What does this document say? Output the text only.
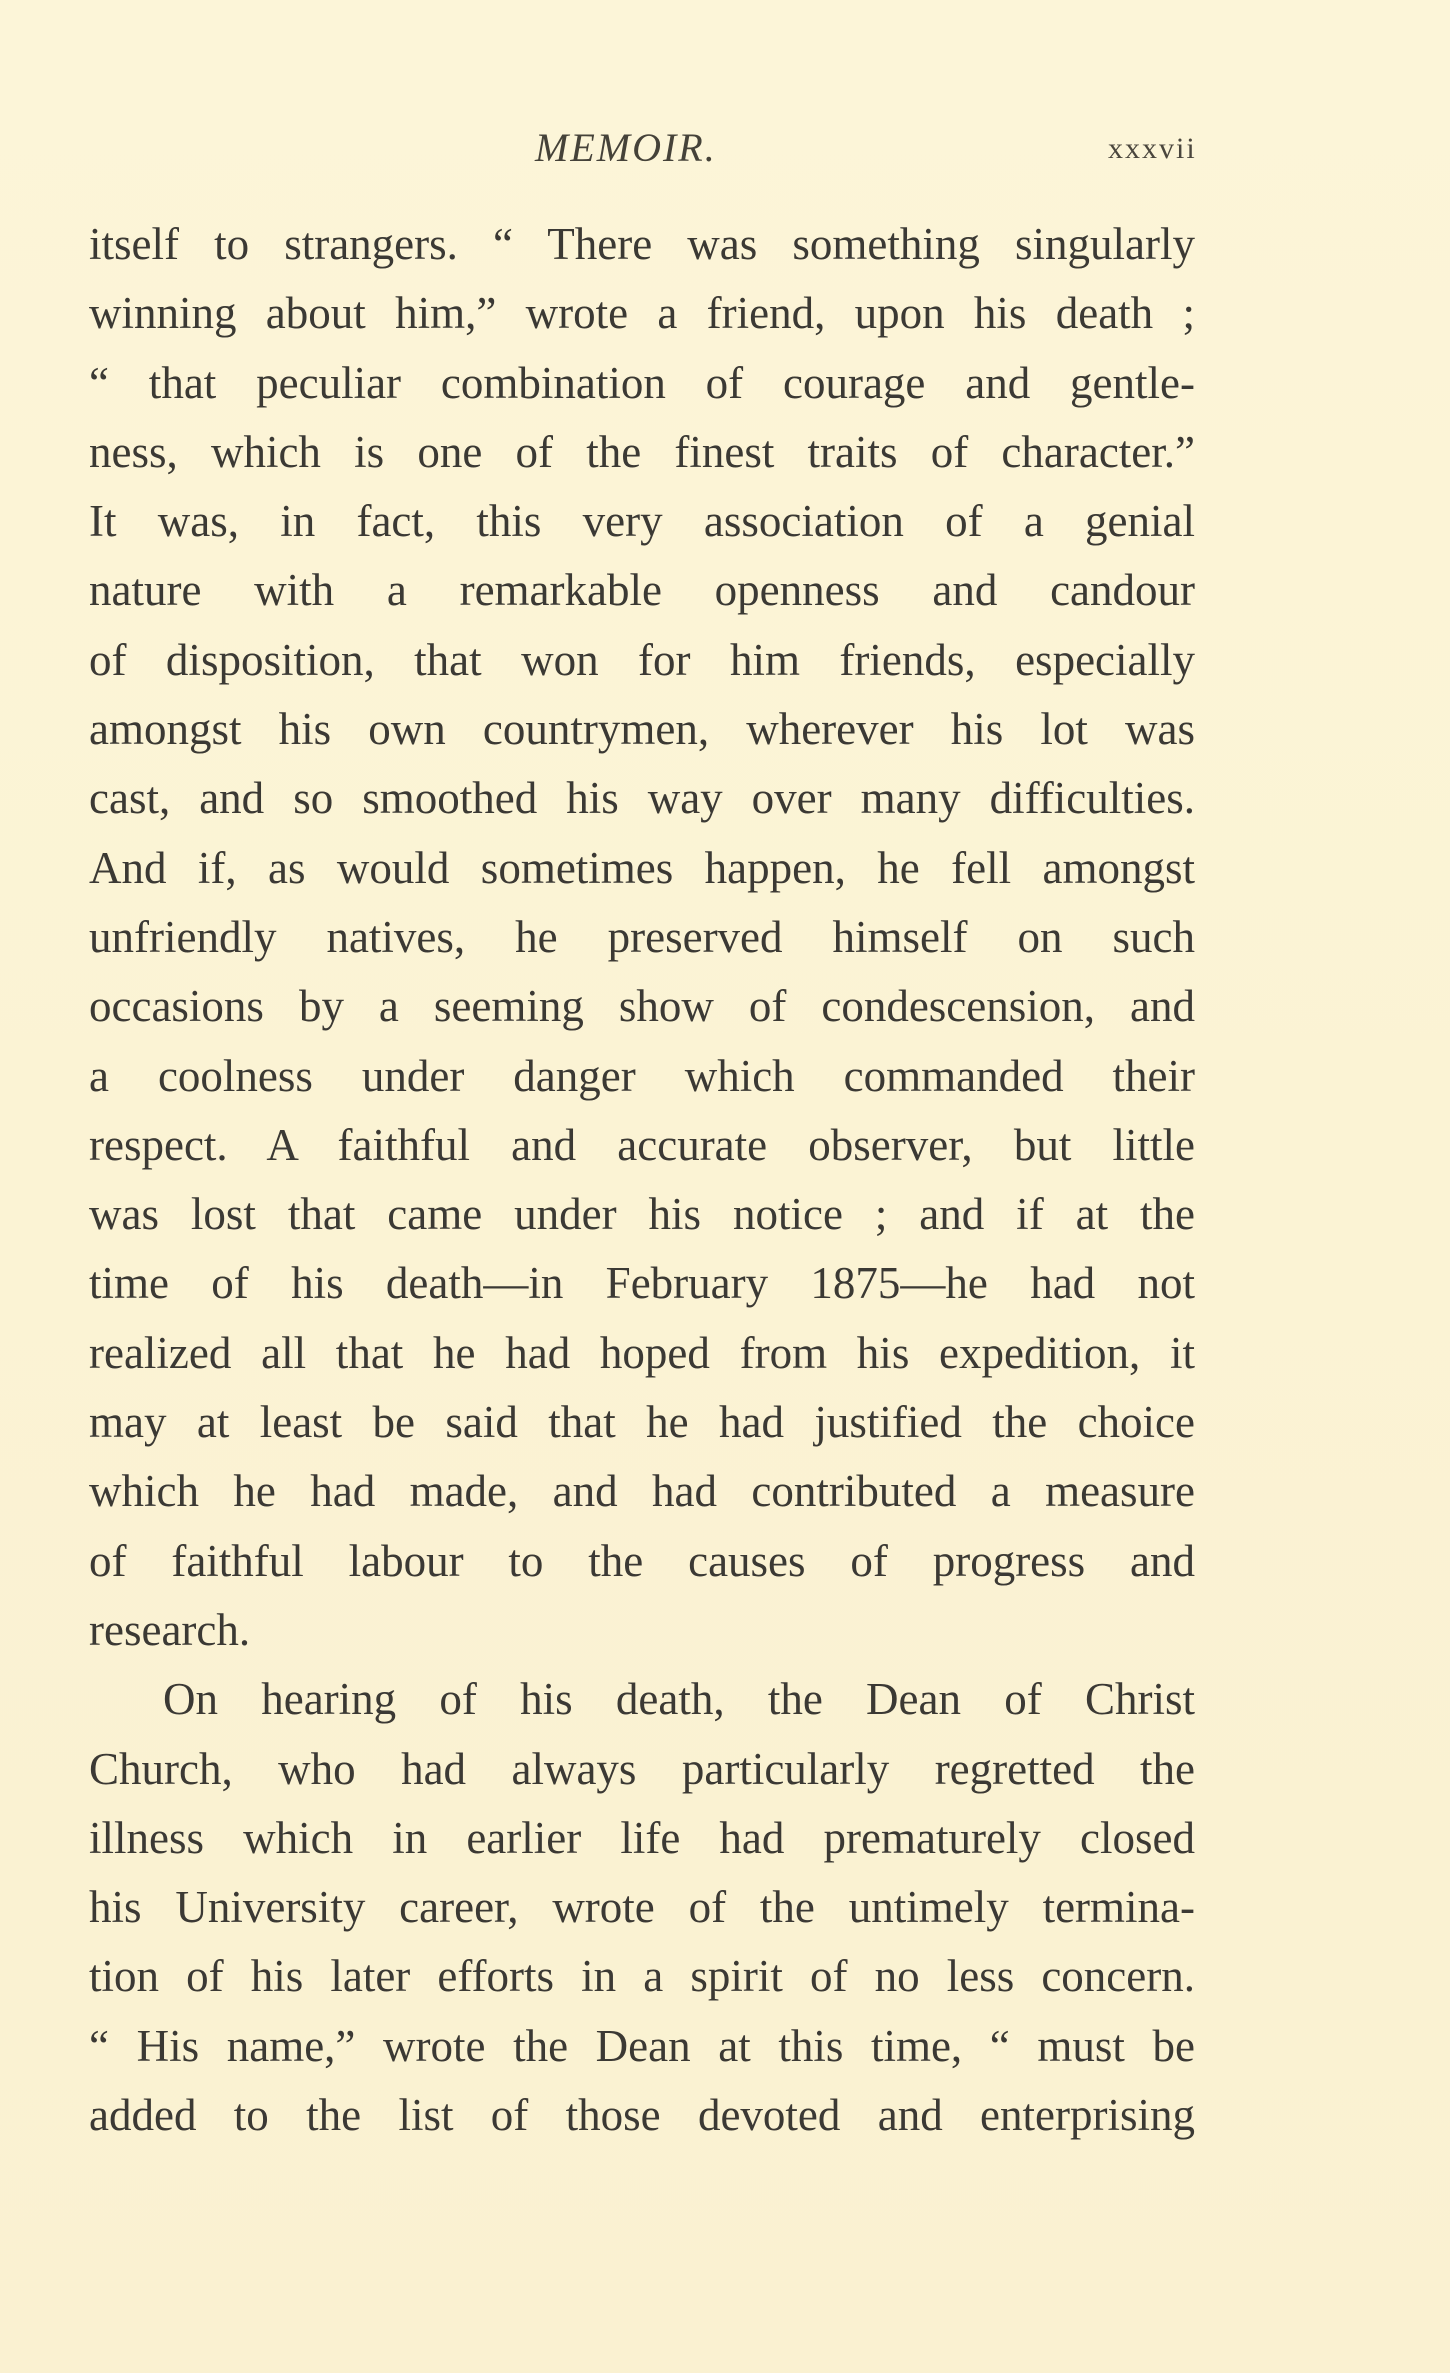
MEMOIR.	xxxvii
itself to strangers. “ There was something singularly
winning about him,” wrote a friend, upon his death ;
“ that peculiar combination of courage and gentle-
ness, which is one of the finest traits of character.”
It was, in fact, this very association of a genial
nature with a remarkable openness and candour
of disposition, that won for him friends, especially
amongst his own countrymen, wherever his lot was
cast, and so smoothed his way over many difficulties.
And if, as would sometimes happen, he fell amongst
unfriendly natives, he preserved himself on such
occasions by a seeming show of condescension, and
a coolness under danger which commanded their
respect. A faithful and accurate observer, but little
was lost that came under his notice ; and if at the
time of his death—in February 1875—he had not
realized all that he had hoped from his expedition, it
may at least be said that he had justified the choice
which he had made, and had contributed a measure
of faithful labour to the causes of progress and
research.
On hearing of his death, the Dean of Christ
Church, who had always particularly regretted the
illness which in earlier life had prematurely closed
his University career, wrote of the untimely termina-
tion of his later efforts in a spirit of no less concern.
“ His name,” wrote the Dean at this time, “ must be
added to the list of those devoted and enterprising
